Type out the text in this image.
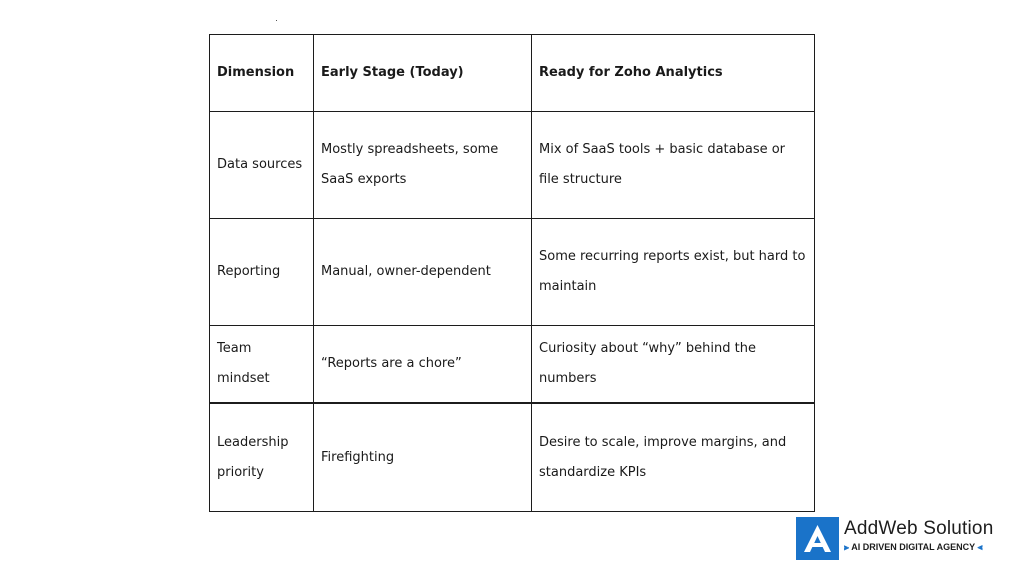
Dimension	Early Stage (Today)	Ready for Zoho Analytics
Data sources	Mostly spreadsheets, some SaaS exports	Mix of SaaS tools + basic database or file structure
Reporting	Manual, owner-dependent	Some recurring reports exist, but hard to maintain
Team mindset	“Reports are a chore”	Curiosity about “why” behind the numbers
Leadership priority	Firefighting	Desire to scale, improve margins, and standardize KPIs
AddWeb Solution
⫸ AI DRIVEN DIGITAL AGENCY ⫷
